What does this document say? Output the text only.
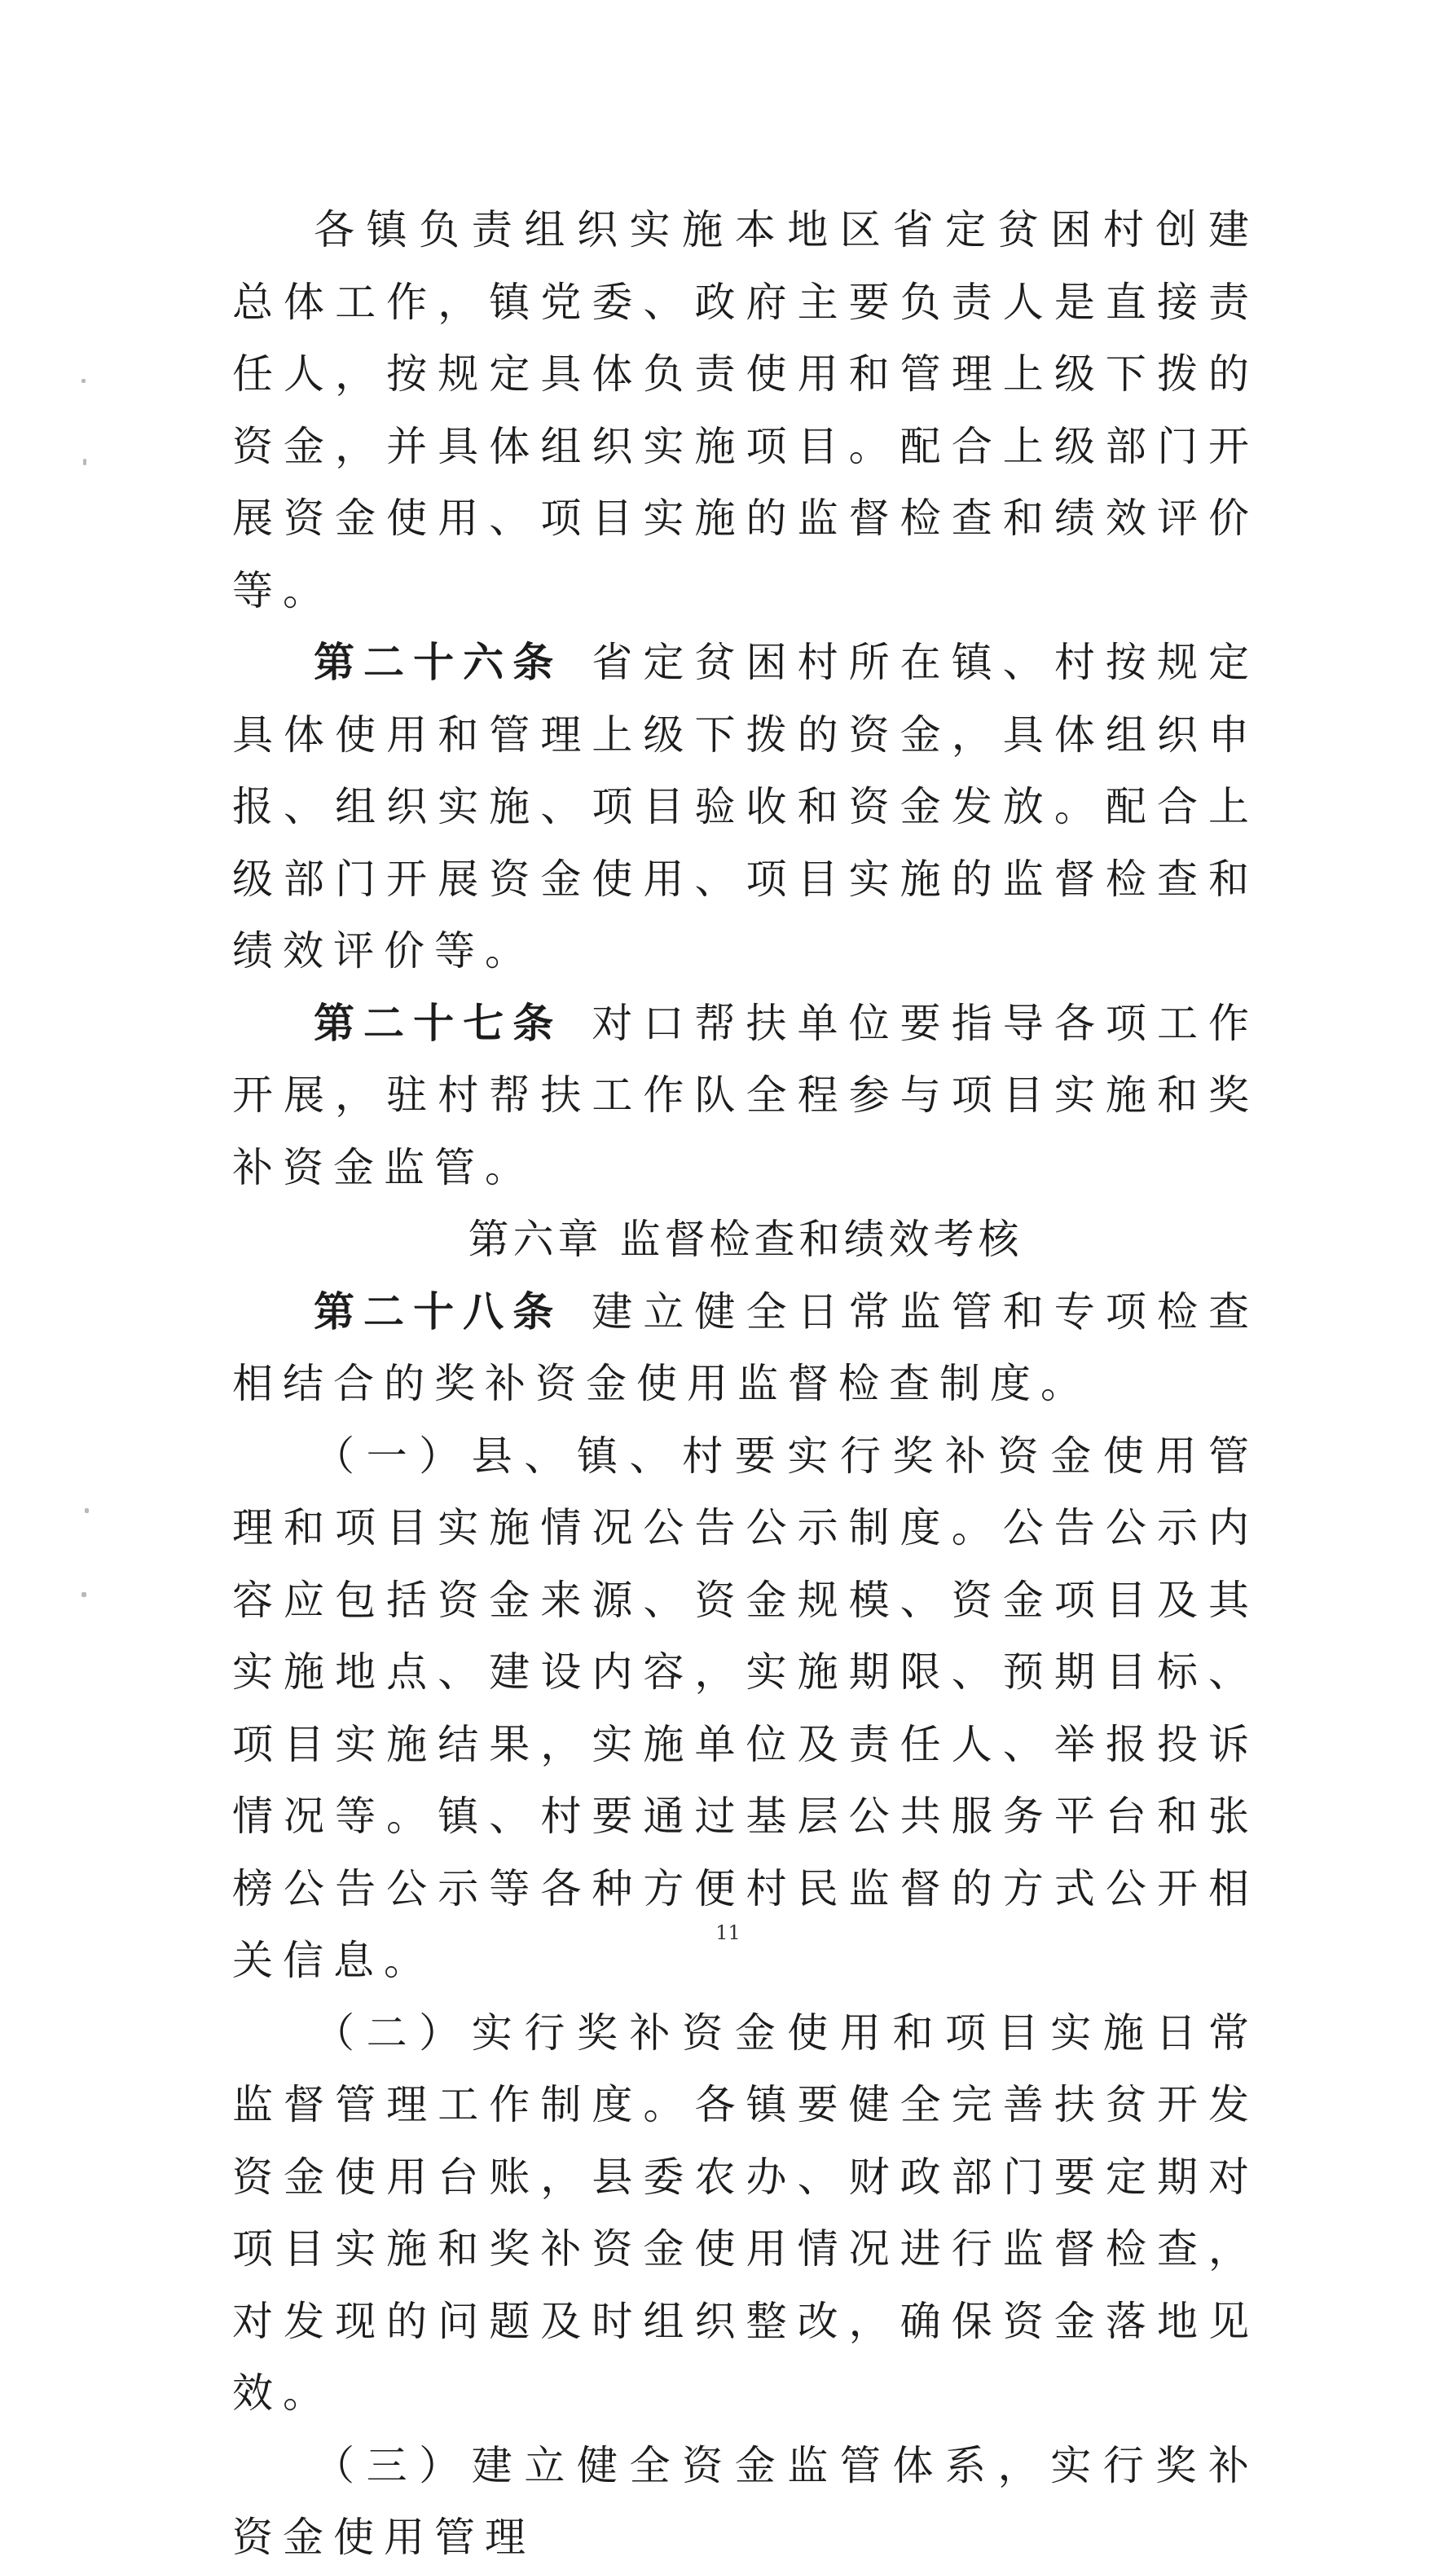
各镇负责组织实施本地区省定贫困村创建总体工作，镇党委、政府主要负责人是直接责任人，按规定具体负责使用和管理上级下拨的资金，并具体组织实施项目。配合上级部门开展资金使用、项目实施的监督检查和绩效评价等。

第二十六条 省定贫困村所在镇、村按规定具体使用和管理上级下拨的资金，具体组织申报、组织实施、项目验收和资金发放。配合上级部门开展资金使用、项目实施的监督检查和绩效评价等。

第二十七条 对口帮扶单位要指导各项工作开展，驻村帮扶工作队全程参与项目实施和奖补资金监管。

第六章 监督检查和绩效考核

第二十八条 建立健全日常监管和专项检查相结合的奖补资金使用监督检查制度。

（一）县、镇、村要实行奖补资金使用管理和项目实施情况公告公示制度。公告公示内容应包括资金来源、资金规模、资金项目及其实施地点、建设内容，实施期限、预期目标、项目实施结果，实施单位及责任人、举报投诉情况等。镇、村要通过基层公共服务平台和张榜公告公示等各种方便村民监督的方式公开相关信息。

（二）实行奖补资金使用和项目实施日常监督管理工作制度。各镇要健全完善扶贫开发资金使用台账，县委农办、财政部门要定期对项目实施和奖补资金使用情况进行监督检查，对发现的问题及时组织整改，确保资金落地见效。

（三）建立健全资金监管体系，实行奖补资金使用管理

11
